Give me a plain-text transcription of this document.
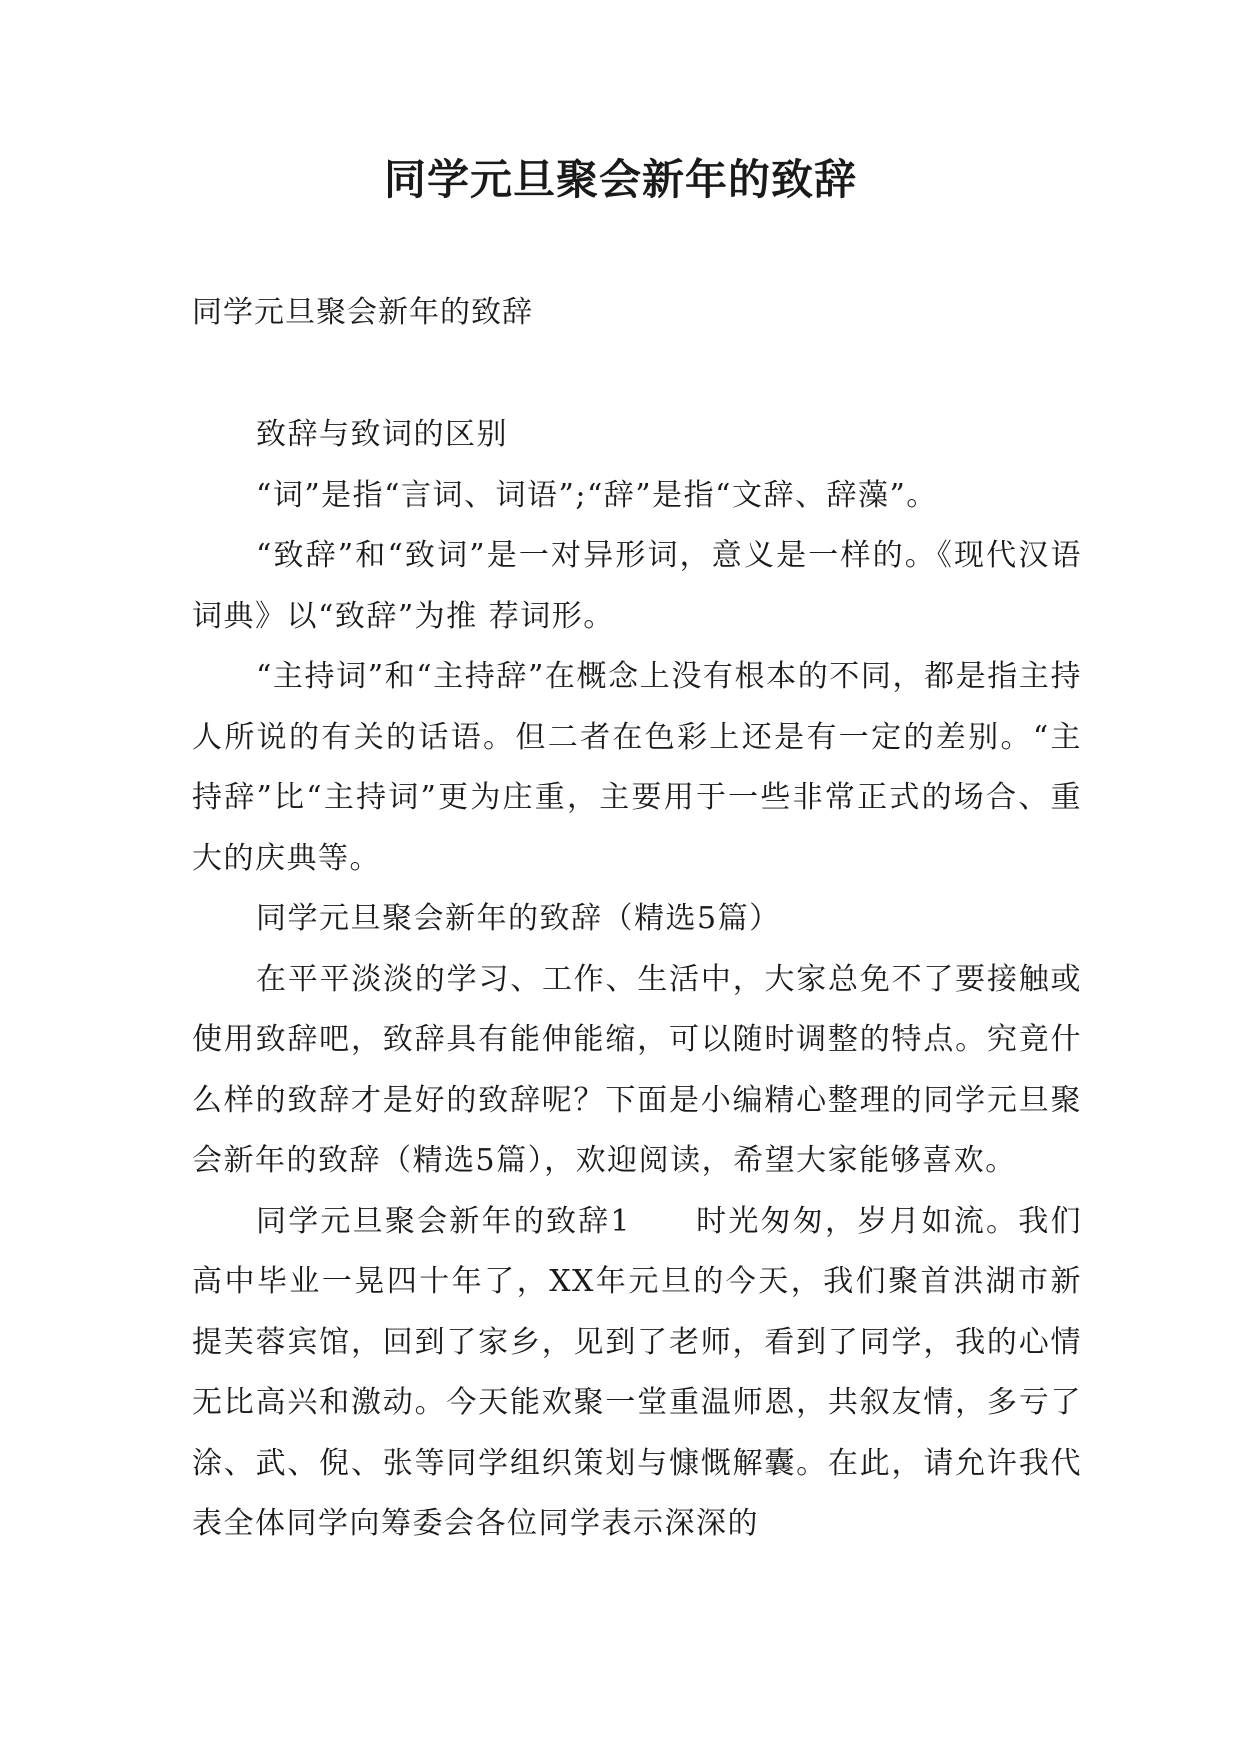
同学元旦聚会新年的致辞
同学元旦聚会新年的致辞

致辞与致词的区别

“词”是指“言词、词语”;“辞”是指“文辞、辞藻”。

“致辞”和“致词”是一对异形词，意义是一样的。《现代汉语词典》以“致辞”为推 荐词形。

“主持词”和“主持辞”在概念上没有根本的不同，都是指主持人所说的有关的话语。但二者在色彩上还是有一定的差别。“主持辞”比“主持词”更为庄重，主要用于一些非常正式的场合、重大的庆典等。

同学元旦聚会新年的致辞（精选5篇）

在平平淡淡的学习、工作、生活中，大家总免不了要接触或使用致辞吧，致辞具有能伸能缩，可以随时调整的特点。究竟什么样的致辞才是好的致辞呢？下面是小编精心整理的同学元旦聚会新年的致辞（精选5篇），欢迎阅读，希望大家能够喜欢。

同学元旦聚会新年的致辞1　　时光匆匆，岁月如流。我们高中毕业一晃四十年了，XX年元旦的今天，我们聚首洪湖市新提芙蓉宾馆，回到了家乡，见到了老师，看到了同学，我的心情无比高兴和激动。今天能欢聚一堂重温师恩，共叙友情，多亏了涂、武、倪、张等同学组织策划与慷慨解囊。在此，请允许我代表全体同学向筹委会各位同学表示深深的
